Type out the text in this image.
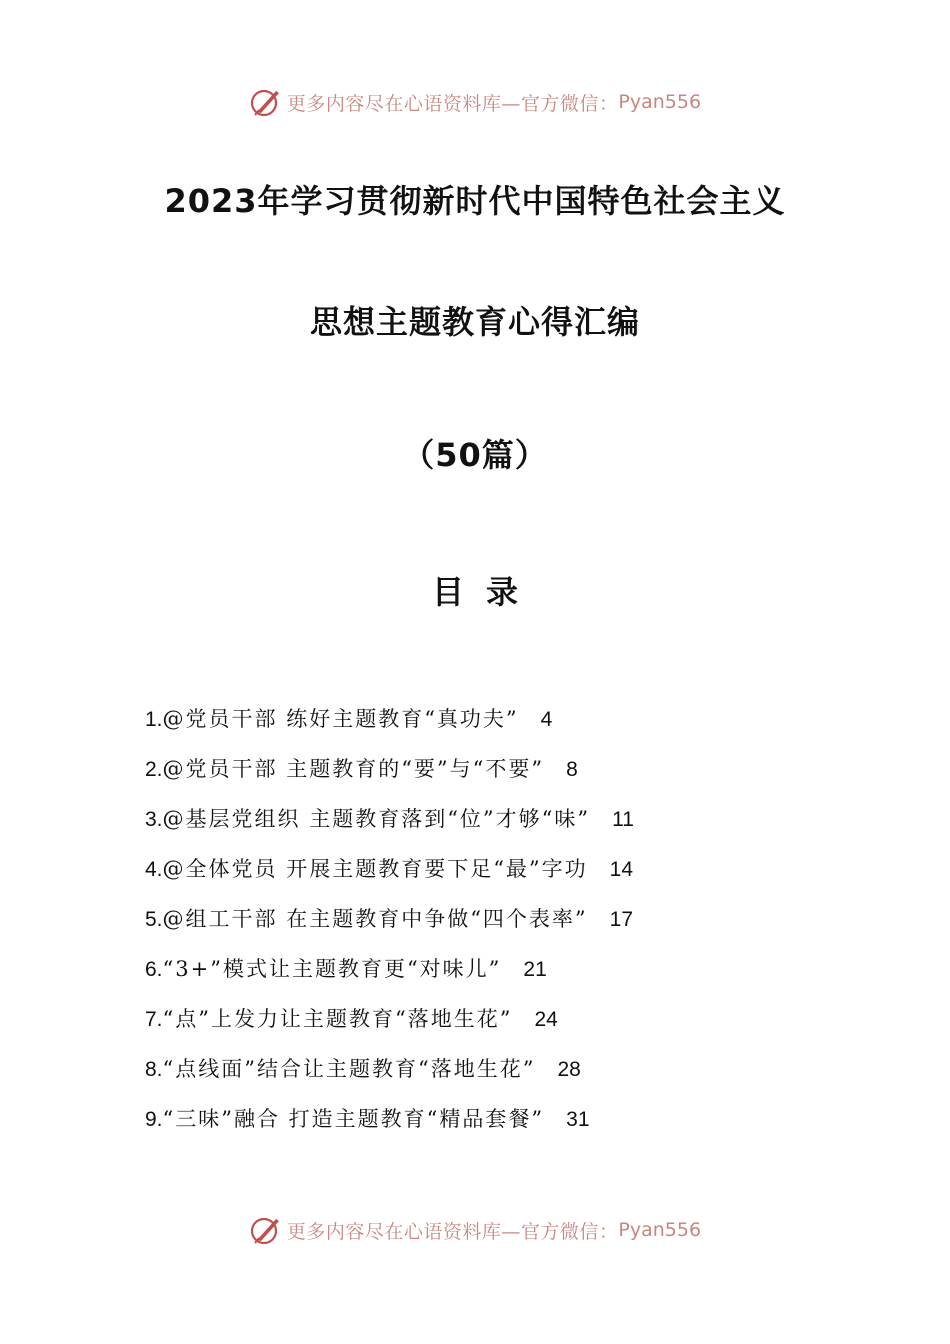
更多内容尽在心语资料库—官方微信： Pyan556
2023年学习贯彻新时代中国特色社会主义
思想主题教育心得汇编
（50篇）
目录
1.@党员干部 练好主题教育“真功夫” 4
2.@党员干部 主题教育的“要”与“不要” 8
3.@基层党组织 主题教育落到“位”才够“味” 11
4.@全体党员 开展主题教育要下足“最”字功 14
5.@组工干部 在主题教育中争做“四个表率” 17
6.“3+”模式让主题教育更“对味儿” 21
7.“点”上发力让主题教育“落地生花” 24
8.“点线面”结合让主题教育“落地生花” 28
9.“三味”融合 打造主题教育“精品套餐” 31
更多内容尽在心语资料库—官方微信： Pyan556
